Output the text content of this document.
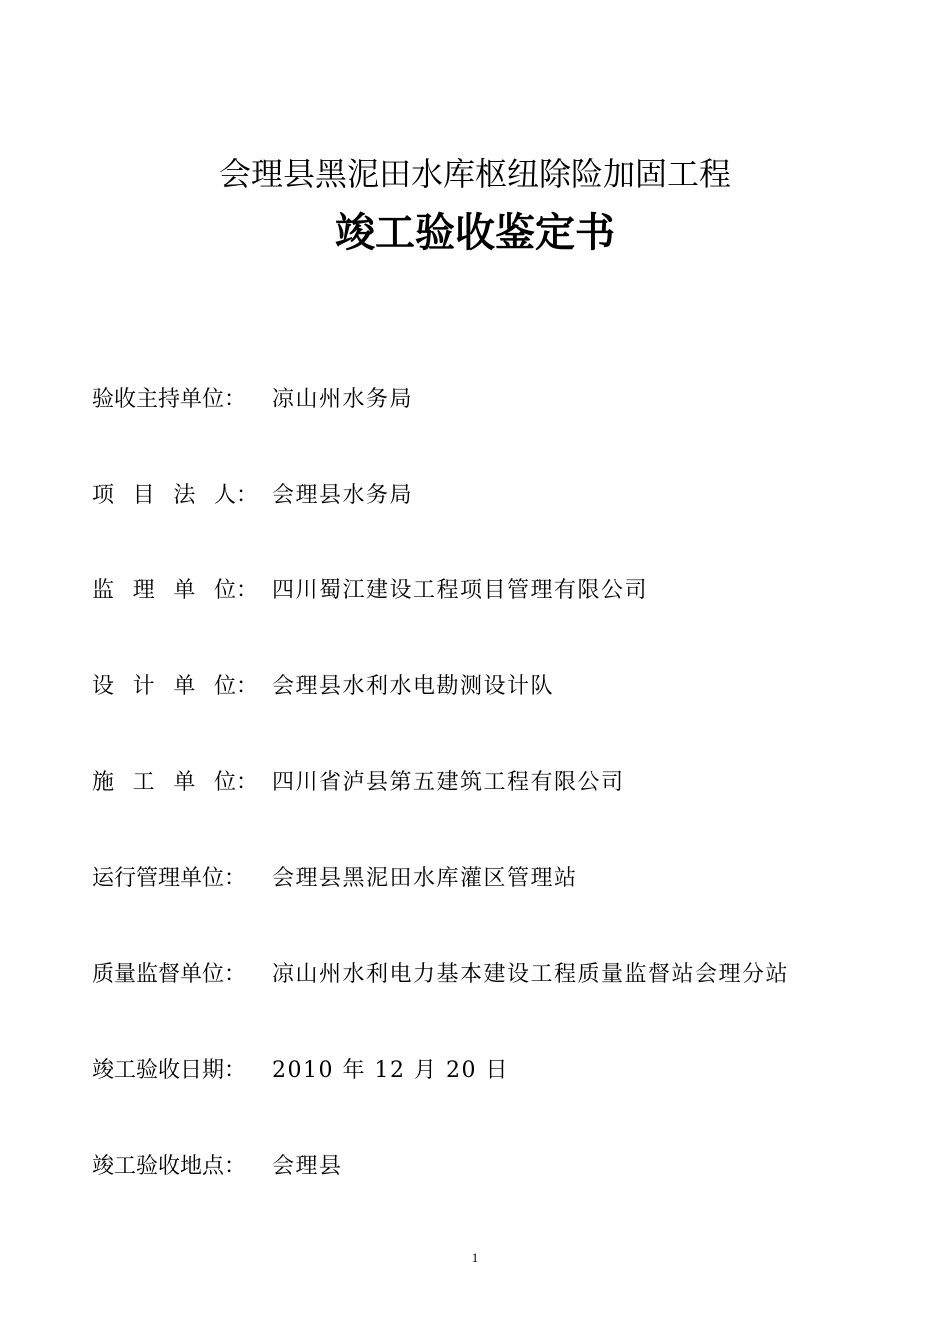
会理县黑泥田水库枢纽除险加固工程
竣工验收鉴定书
验收主持单位：	凉山州水务局
项 目 法 人： 会理县水务局
监 理 单 位： 四川蜀江建设工程项目管理有限公司
设 计 单 位： 会理县水利水电勘测设计队
施 工 单 位： 四川省泸县第五建筑工程有限公司
运行管理单位：	会理县黑泥田水库灌区管理站
质量监督单位：	凉山州水利电力基本建设工程质量监督站会理分站
竣工验收日期：	2010 年 12 月 20 日
竣工验收地点：	会理县
1
